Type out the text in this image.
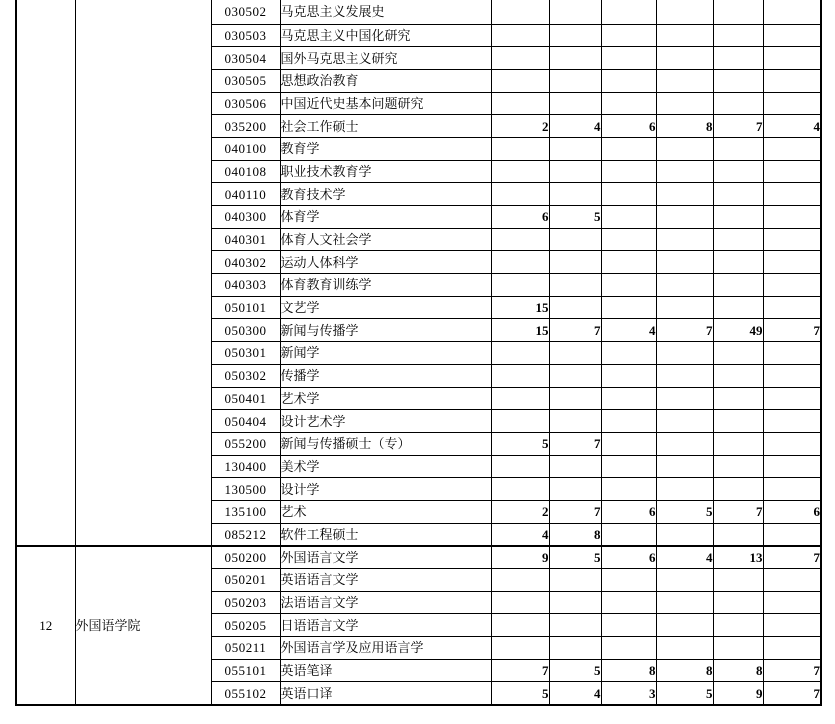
		030502	马克思主义发展史						
		030503	马克思主义中国化研究						
		030504	国外马克思主义研究						
		030505	思想政治教育						
		030506	中国近代史基本问题研究						
		035200	社会工作硕士	2	4	6	8	7	4
		040100	教育学						
		040108	职业技术教育学						
		040110	教育技术学						
		040300	体育学	6	5				
		040301	体育人文社会学						
		040302	运动人体科学						
		040303	体育教育训练学						
		050101	文艺学	15					
		050300	新闻与传播学	15	7	4	7	49	7
		050301	新闻学						
		050302	传播学						
		050401	艺术学						
		050404	设计艺术学						
		055200	新闻与传播硕士（专）	5	7				
		130400	美术学						
		130500	设计学						
		135100	艺术	2	7	6	5	7	6
		085212	软件工程硕士	4	8				
12	外国语学院	050200	外国语言文学	9	5	6	4	13	7
		050201	英语语言文学						
		050203	法语语言文学						
		050205	日语语言文学						
		050211	外国语言学及应用语言学						
		055101	英语笔译	7	5	8	8	8	7
		055102	英语口译	5	4	3	5	9	7
